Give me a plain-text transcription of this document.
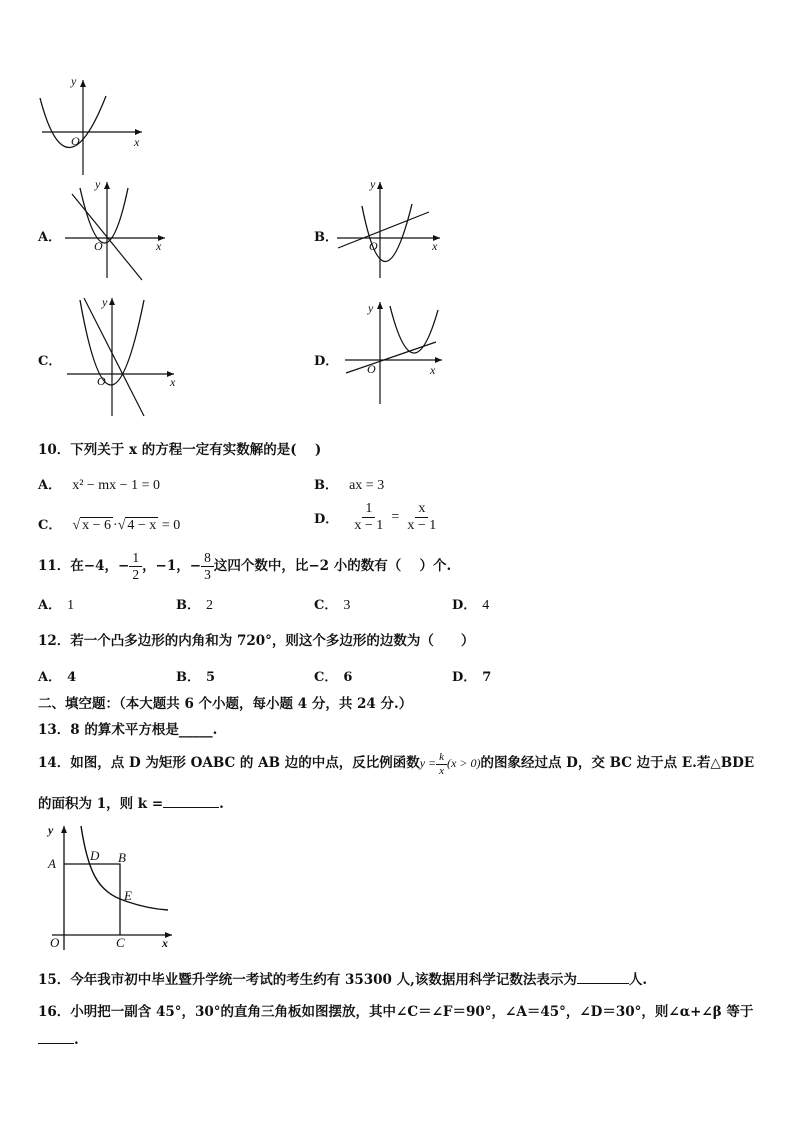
y
x
O
A．
y
x
O
B．
y
x
O
C．
y
x
O
D．
y
x
O
10．下列关于 x 的方程一定有实数解的是(　 )
A． x² − mx − 1 = 0	B． ax = 3
C． √ x − 6 ·√ 4 − x = 0	D． $\frac{1}{x - 1} = \frac{x}{x - 1}$
11．在−4，− $\frac{1}{2}$ ，−1，− $\frac{8}{3}$ 这四个数中，比−2 小的数有（　 ）个.
A． 1	B． 2	C． 3	D． 4
12．若一个凸多边形的内角和为 720°，则这个多边形的边数为（　　）
A． 4	B． 5	C． 6	D． 7
二、填空题：（本大题共 6 个小题，每小题 4 分，共 24 分.）
13．8 的算术平方根是_____.
14．如图，点 D 为矩形 OABC 的 AB 边的中点，反比例函数$y = \frac{k}{x} (x > 0)$的图象经过点 D，交 BC 边于点 E.若△BDE
的面积为 1，则 k =	.
y
A
D B
E
O	C	x
15．今年我市初中毕业暨升学统一考试的考生约有 35300 人,该数据用科学记数法表示为	人.
16．小明把一副含 45°，30°的直角三角板如图摆放，其中∠C＝∠F＝90°，∠A＝45°，∠D＝30°，则∠α+∠β 等于
.
